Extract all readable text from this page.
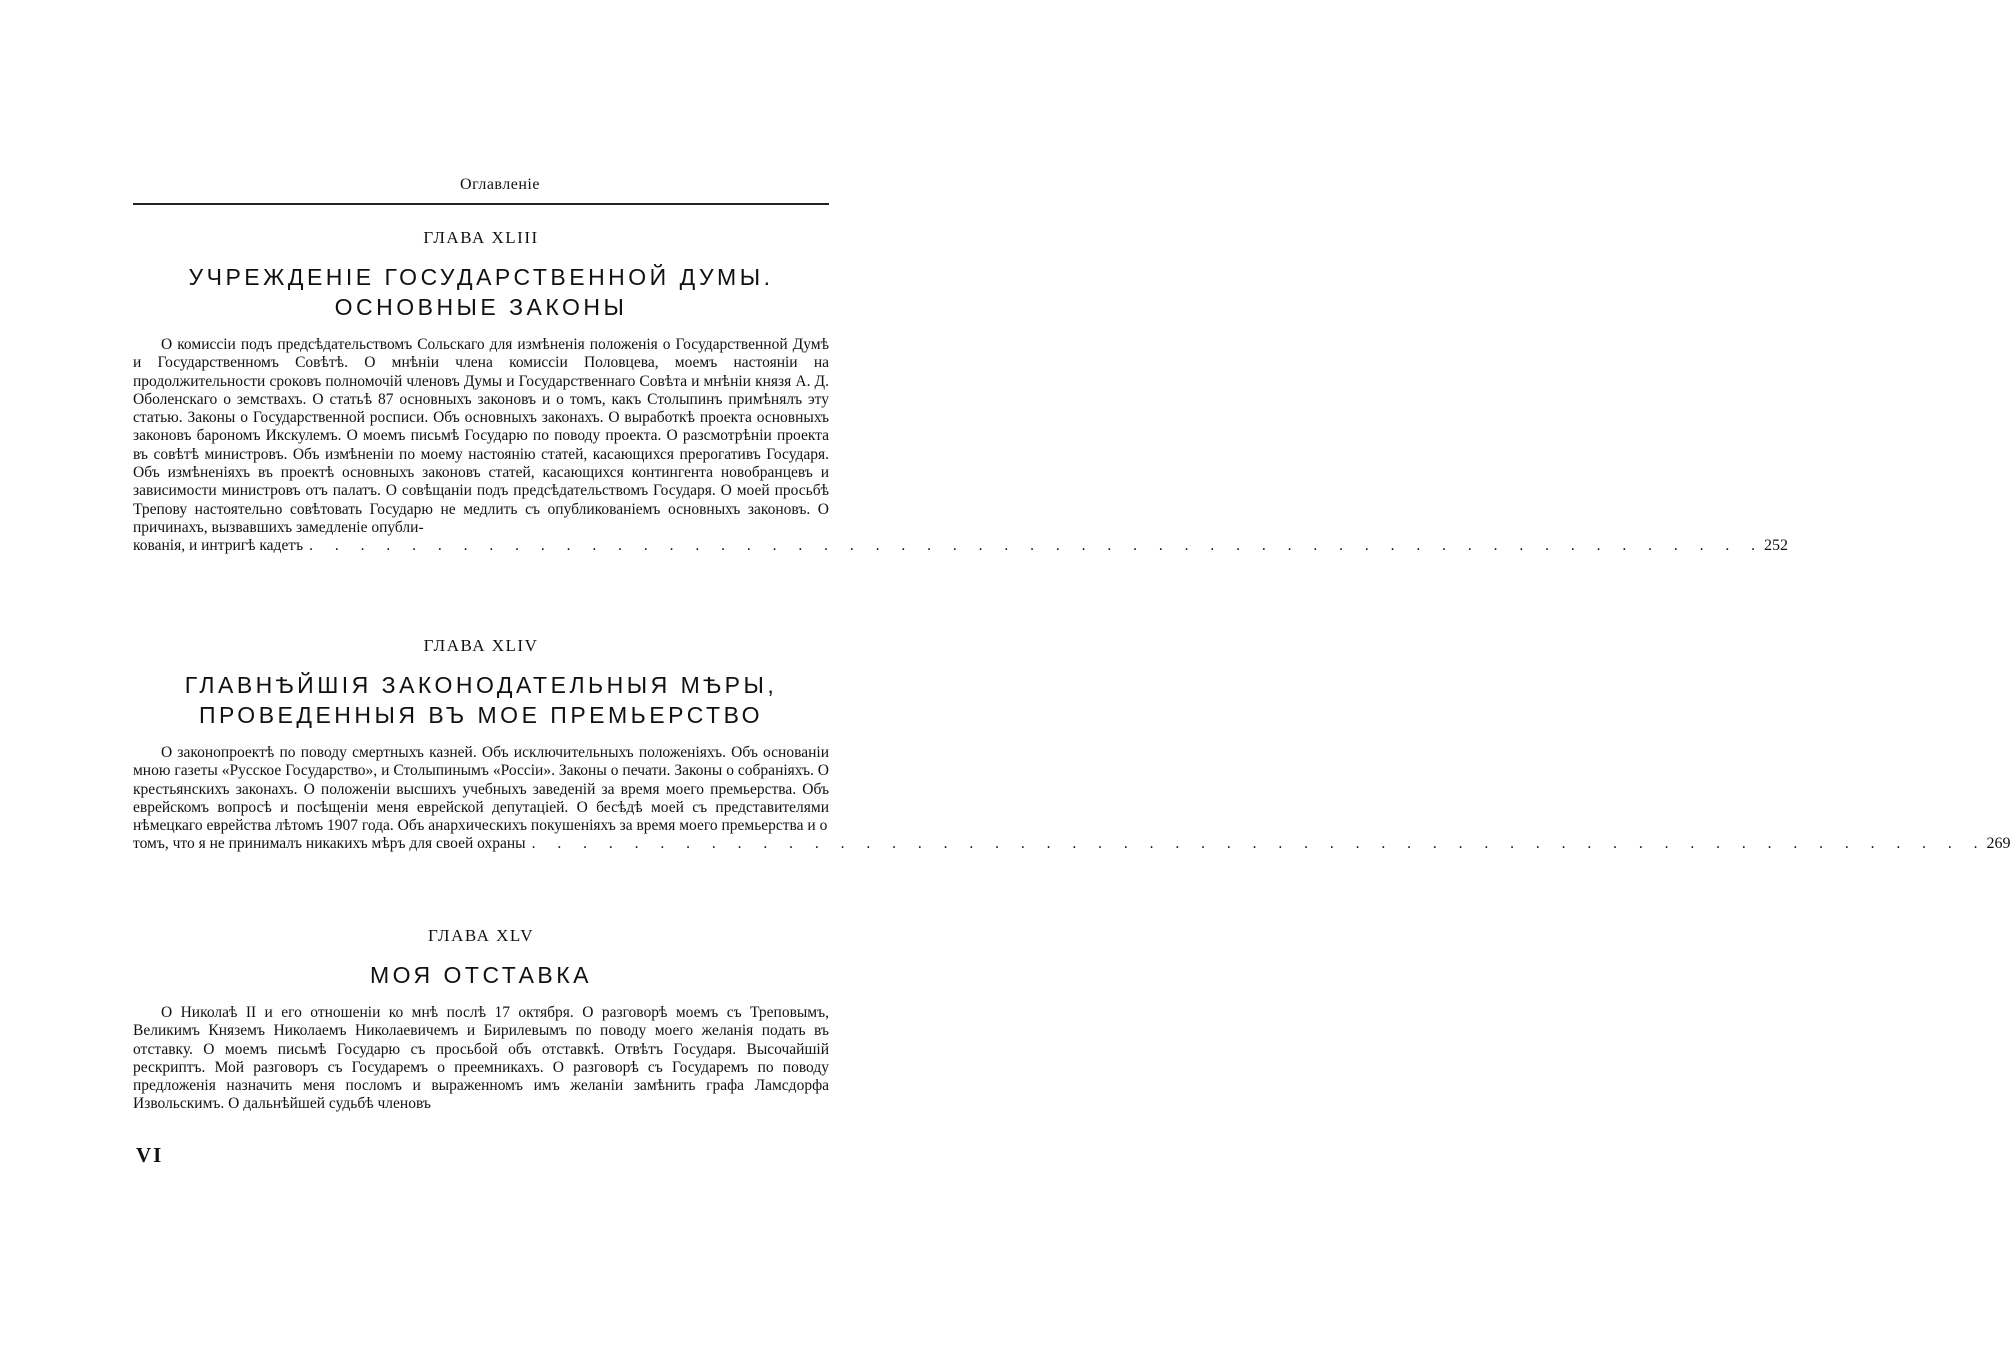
Оглавленіе

ГЛАВА XLIII

УЧРЕЖДЕНІЕ ГОСУДАРСТВЕННОЙ ДУМЫ.

ОСНОВНЫЕ ЗАКОНЫ

О комиссіи подъ предсѣдательствомъ Сольскаго для измѣненія положенія о Государственной Думѣ и Государственномъ Совѣтѣ. О мнѣніи члена комиссіи Половцева, моемъ настояніи на продолжительности сроковъ полномочій членовъ Думы и Государственнаго Совѣта и мнѣніи князя А. Д. Оболенскаго о земствахъ. О статьѣ 87 основныхъ законовъ и о томъ, какъ Столыпинъ примѣнялъ эту статью. Законы о Государственной росписи. Объ основныхъ законахъ. О выработкѣ проекта основныхъ законовъ барономъ Икскулемъ. О моемъ письмѣ Государю по поводу проекта. О разсмотрѣніи проекта въ совѣтѣ министровъ. Объ измѣненіи по моему настоянію статей, касающихся прерогативъ Государя. Объ измѣненіяхъ въ проектѣ основныхъ законовъ статей, касающихся контингента новобранцевъ и зависимости министровъ отъ палатъ. О совѣщаніи подъ предсѣдательствомъ Государя. О моей просьбѣ Трепову настоятельно совѣтовать Государю не медлить съ опубликованіемъ основныхъ законовъ. О причинахъ, вызвавшихъ замедленіе опубли-

кованія, и интригѣ кадетъ . . . . . . . . . . . . . . . . . . . . . . . . . . . . . . . . . . . . . . . . . . . . . . . . . . . . . . . . . 252

ГЛАВА XLIV

ГЛАВНѢЙШІЯ ЗАКОНОДАТЕЛЬНЫЯ МѢРЫ,

ПРОВЕДЕННЫЯ ВЪ МОЕ ПРЕМЬЕРСТВО

О законопроектѣ по поводу смертныхъ казней. Объ исключительныхъ положеніяхъ. Объ основаніи мною газеты «Русское Государство», и Столыпинымъ «Россіи». Законы о печати. Законы о собраніяхъ. О крестьянскихъ законахъ. О положеніи высшихъ учебныхъ заведеній за время моего премьерства. Объ еврейскомъ вопросѣ и посѣщеніи меня еврейской депутаціей. О бесѣдѣ моей съ представителями нѣмецкаго еврейства лѣтомъ 1907 года. Объ анархическихъ покушеніяхъ за время моего премьерства и о

томъ, что я не принималъ никакихъ мѣръ для своей охраны . . . . . . . . . . . . . . . . . . . . . . . . . . . . . . . . . . . . . . . . . . . . . . . . . . . . . . . . . 269

ГЛАВА XLV

МОЯ ОТСТАВКА

О Николаѣ II и его отношеніи ко мнѣ послѣ 17 октября. О разговорѣ моемъ съ Треповымъ, Великимъ Княземъ Николаемъ Николаевичемъ и Бирилевымъ по поводу моего желанія подать въ отставку. О моемъ письмѣ Государю съ просьбой объ отставкѣ. Отвѣтъ Государя. Высочайшій рескриптъ. Мой разговоръ съ Государемъ о преемникахъ. О разговорѣ съ Государемъ по поводу предложенія назначить меня посломъ и выраженномъ имъ желаніи замѣнить графа Ламсдорфа Извольскимъ. О дальнѣйшей судьбѣ членовъ

VI
